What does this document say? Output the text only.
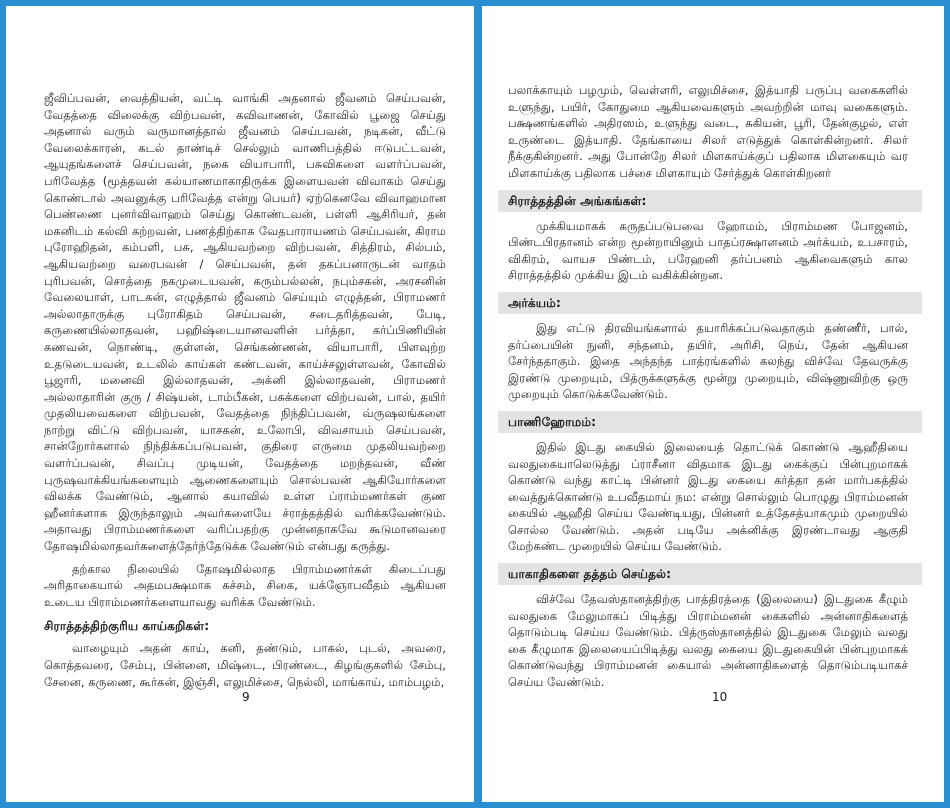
ஜீவிப்பவன், வைத்தியன், வட்டி வாங்கி அதனால் ஜீவனம் செய்பவன், வேதத்தை விலைக்கு விற்பவன், கவிவாணன், கோவில் பூஜை செய்து அதனால் வரும் வருமானத்தால் ஜீவனம் செய்பவன், நடிகன், வீட்டு வேலைக்காரன், கடல் தாண்டிச் செல்லும் வாணிபத்தில் ஈடுபட்டவன், ஆயுதங்களைச் செய்பவன், நகை வியாபாரி, பசுவிகளை வளர்ப்பவன், பரிவேத்த (மூத்தவன் கல்யாணமாகாதிருக்க இளையவன் விவாகம் செய்து கொண்டால் அவனுக்கு பரிவேத்த என்று பெயர்) ஏற்கெனவே விவாஹமான பெண்ணை புனர்விவாஹம் செய்து கொண்டவன், பள்ளி ஆசிரியர், தன் மகனிடம் கல்வி கற்றவன், பணத்திற்காக வேதபாராயணம் செய்பவன், கிராம புரோஹிதன், கம்பளி, பசு, ஆகியவற்றை விற்பவன், சித்திரம், சில்பம், ஆகியவற்றை வரைபவன் / செய்பவன், தன் தகப்பனாருடன் வாதம் புரிபவன், சொத்தை நகமுடையவன், கரும்பல்லன், நபும்சகன், அரசனின் வேலையாள், பாடகன், எழுத்தால் ஜீவனம் செய்யும் எழுத்தன், பிராமணர் அல்லாதாருக்கு புரோகிதம் செய்பவன், சடைதரித்தவன், பேடி, கருணையில்லாதவன், பஹிஷ்டையானவளின் பர்த்தா, கர்ப்பிணியின் கணவன், நொண்டி, குள்ளன், செங்கண்ணன், வியாபாரி, பிளவுற்ற உதடுடையவன், உடலில் காய்கள் கண்டவன், காய்ச்சலுள்ளவன், கோவில் பூஜாரி, மனைவி இல்லாதவன், அக்னி இல்லாதவன், பிராமணர் அல்லாதாரின் குரு / சிஷ்யன், டாம்பீகன், பசுக்களை விற்பவன், பால், தயிர் முதலியவைகளை விற்பவன், வேதத்தை நிந்திப்பவன், வ்ருஷலங்களை நாற்று விட்டு விற்பவன், யாசகன், உலோபி, விவசாயம் செய்பவன், சான்றோர்களால் நிந்திக்கப்படுபவன், குதிரை எருமை முதலியவற்றை வளர்ப்பவன், சிவப்பு முடியன், வேதத்தை மறந்தவன், வீண் புருஷவாக்கியங்களையும் ஆணைகளையும் சொல்பவன் ஆகியோர்களை விலக்க வேண்டும், ஆனால் கயாவில் உள்ள ப்ராம்மணர்கள் குண ஹீனர்களாக இருந்தாலும் அவர்களையே ச்ராத்தத்தில் வரிக்கவேண்டும். அதாவது பிராம்மணர்களை வரிப்பதற்கு முன்னதாகவே கூடுமானவரை தோஷமில்லாதவர்களைத்தேர்ந்தேடுக்க வேண்டும் என்பது கருத்து.

தற்கால நிலையில் தோஷமில்லாத பிராம்மணர்கள் கிடைப்பது அரிதாகையால் அதமபக்ஷமாக கச்சம், சிகை, யக்ஞோபவீதம் ஆகியன உடைய பிராம்மணர்களையாவது வரிக்க வேண்டும்.

சிராத்தத்திற்குரிய காய்கறிகள்:

வாழையும் அதன் காய், கனி, தண்டும், பாகல், புடல், அவரை, கொத்தவரை, சேம்பு, பின்னை, மிஷ்டை, பிரண்டை, கிழங்குகளில் சேம்பு, சேனை, கருணை, கூர்கன், இஞ்சி, எலுமிச்சை, நெல்லி, மாங்காய், மாம்பழம்,

9

பலாக்காயும் பழமும், வெள்ளரி, எலுமிச்சை, இத்யாதி பருப்பு வகைகளில் உளுந்து, பயிர், கோதுமை ஆகியவைகளும் அவற்றின் மாவு வகைகளும். பக்ஷணங்களில் அதிரஸம், உளுந்து வடை, சுகியன், பூரி, தேன்குழல், எள் உருண்டை இத்யாதி. தேங்காயை சிலர் எடுத்துக் கொள்கின்றனர். சிலர் நீக்குகின்றனர். அது போன்றே சிலர் மிளகாய்க்குப் பதிலாக மிளகையும் வர மிளகாய்க்கு பதிலாக பச்சை மிளகாயும் சேர்த்துக் கொள்கிறனர்

சிராத்தத்தின் அங்கங்கள்:

முக்கியமாகக் கருதப்படுபவை ஹோமம், பிராம்மண போஜனம், பிண்டபிரதானம் என்ற மூன்றாயினும் பாதப்ரக்ஷாளனம் அர்க்யம், உபசாரம், விகிரம், வாயச பிண்டம், பரேஹனி தர்ப்பனம் ஆகிவைகளும் கால சிராத்தத்தில் முக்கிய இடம் வகிக்கின்றன.

அர்க்யம்:

இது எட்டு திரவியங்களால் தயாரிக்கப்படுவதாகும் தண்ணீர், பால், தர்ப்பையின் நுனி, சந்தனம், தயிர், அரிசி, நெய், தேன் ஆகியன சேர்ந்ததாகும். இதை அந்தந்த பாத்ரங்களில் கலந்து விச்வே தேவருக்கு இரண்டு முறையும், பித்ருக்களுக்கு மூன்று முறையும், விஷ்ணுவிற்கு ஒரு முறையும் கொடுக்கவேண்டும்.

பாணிஹோமம்:

இதில் இடது கையில் இலையைத் தொட்டுக் கொண்டு ஆஹீதியை வலதுகையாலெடுத்து ப்ராசீனா விதமாக இடது கைக்குப் பின்புறமாகக் கொண்டு வந்து காட்டி பின்னர் இடது கையை கர்த்தா தன் மார்பகத்தில் வைத்துக்கொண்டு உபவீதமாய் நம: என்று சொல்லும் பொழுது பிராம்மனன் கையில் ஆஹீதி செய்ய வேண்டியது, பின்னர் உத்தேசத்யாகமும் முறையில் சொல்ல வேண்டும். அதன் படியே அக்னிக்கு இரண்டாவது ஆகுதி மேற்கண்ட முறையில் செய்ய வேண்டும்.

யாகாதிகளை தத்தம் செய்தல்:

விச்வே தேவஸ்தானத்திற்கு பாத்திரத்தை (இலையை) இடதுகை கீழும் வலதுகை மேலுமாகப் பிடித்து பிராம்மனன் கைகளில் அன்னாதிகளைத் தொடும்படி செய்ய வேண்டும். பித்ருஸ்தானத்தில் இடதுகை மேலும் வலது கை கீழுமாக இலையைப்பிடித்து வலது கையை இடதுகையின் பின்புறமாகக் கொண்டுவந்து பிராம்மனன் கையால் அன்னாதிகளைத் தொடும்படியாகச் செய்ய வேண்டும்.

10
